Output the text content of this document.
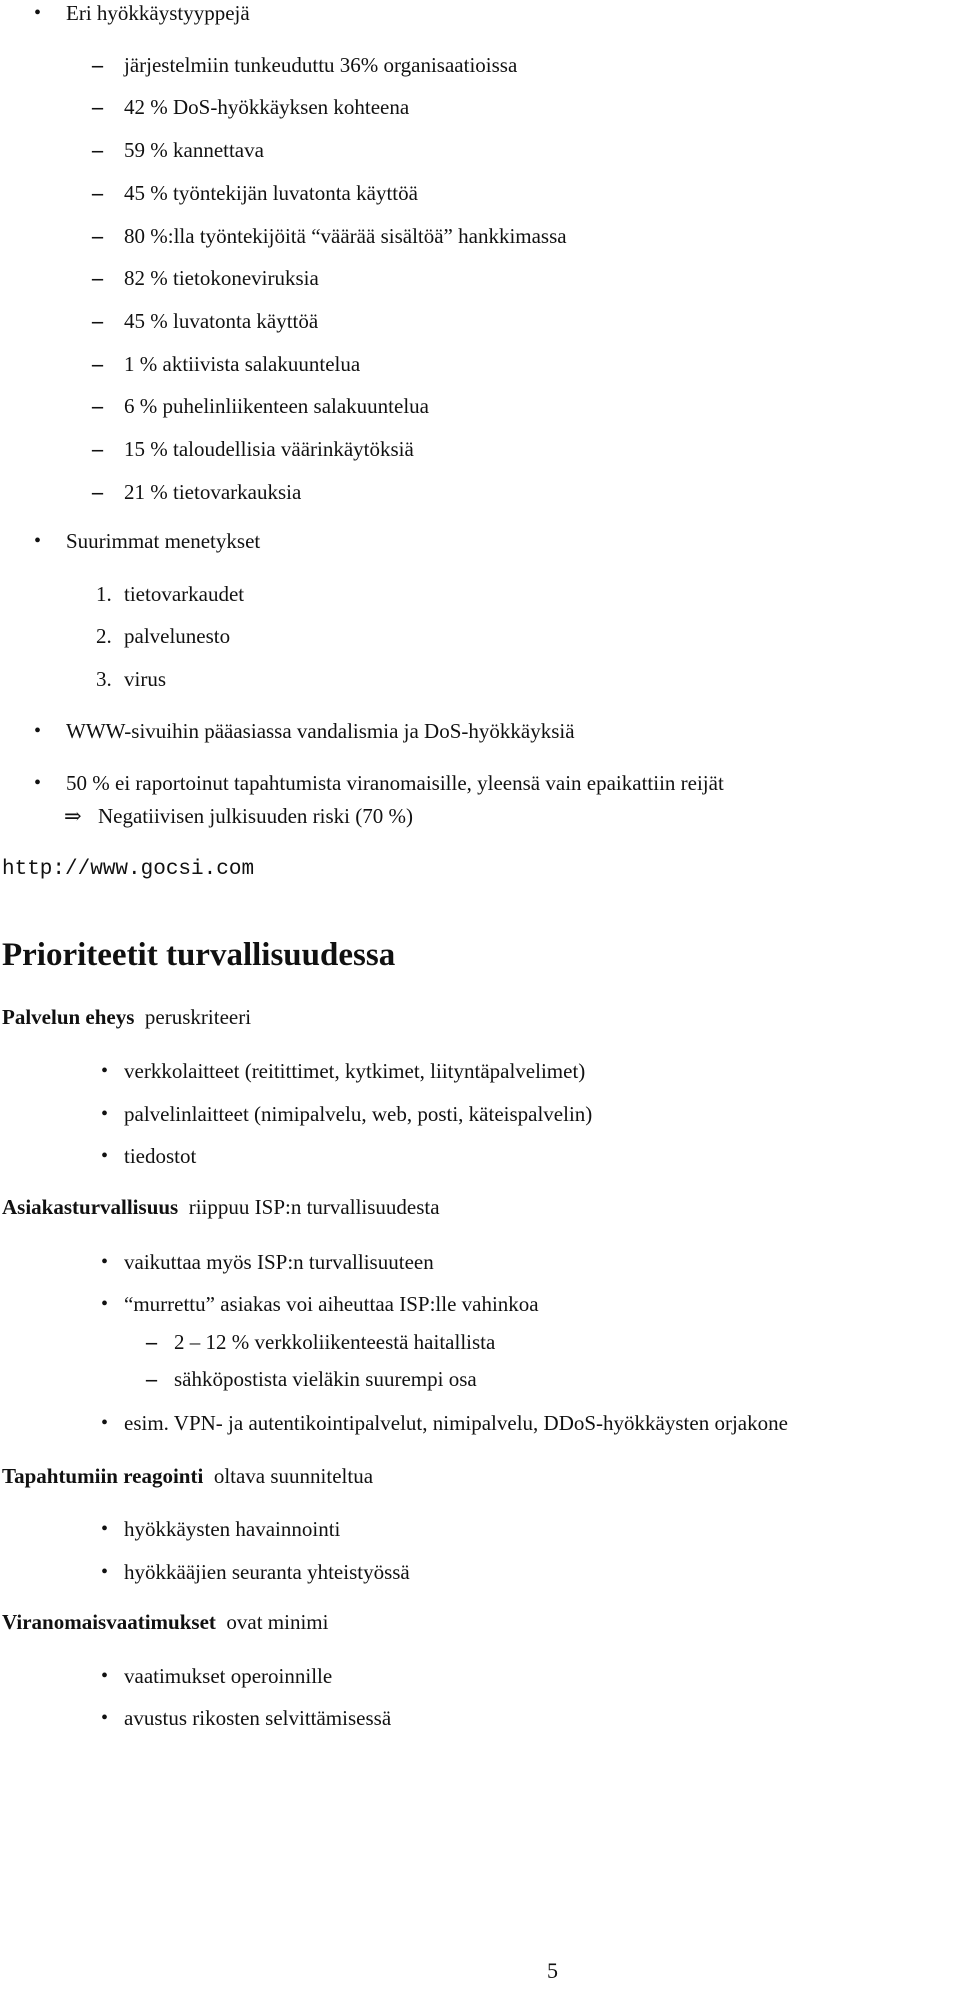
• Eri hyökkäystyyppejä
– järjestelmiin tunkeuduttu 36% organisaatioissa
– 42 % DoS-hyökkäyksen kohteena
– 59 % kannettava
– 45 % työntekijän luvatonta käyttöä
– 80 %:lla työntekijöitä “väärää sisältöä” hankkimassa
– 82 % tietokoneviruksia
– 45 % luvatonta käyttöä
– 1 % aktiivista salakuuntelua
– 6 % puhelinliikenteen salakuuntelua
– 15 % taloudellisia väärinkäytöksiä
– 21 % tietovarkauksia
• Suurimmat menetykset
1. tietovarkaudet
2. palvelunesto
3. virus
• WWW-sivuihin pääasiassa vandalismia ja DoS-hyökkäyksiä
• 50 % ei raportoinut tapahtumista viranomaisille, yleensä vain epaikattiin reijät
⇒ Negatiivisen julkisuuden riski (70 %)
http://www.gocsi.com
Prioriteetit turvallisuudessa
Palvelun eheys peruskriteeri
• verkkolaitteet (reitittimet, kytkimet, liityntäpalvelimet)
• palvelinlaitteet (nimipalvelu, web, posti, käteispalvelin)
• tiedostot
Asiakasturvallisuus riippuu ISP:n turvallisuudesta
• vaikuttaa myös ISP:n turvallisuuteen
• “murrettu” asiakas voi aiheuttaa ISP:lle vahinkoa
– 2 – 12 % verkkoliikenteestä haitallista
– sähköpostista vieläkin suurempi osa
• esim. VPN- ja autentikointipalvelut, nimipalvelu, DDoS-hyökkäysten orjakone
Tapahtumiin reagointi oltava suunniteltua
• hyökkäysten havainnointi
• hyökkääjien seuranta yhteistyössä
Viranomaisvaatimukset ovat minimi
• vaatimukset operoinnille
• avustus rikosten selvittämisessä
5
